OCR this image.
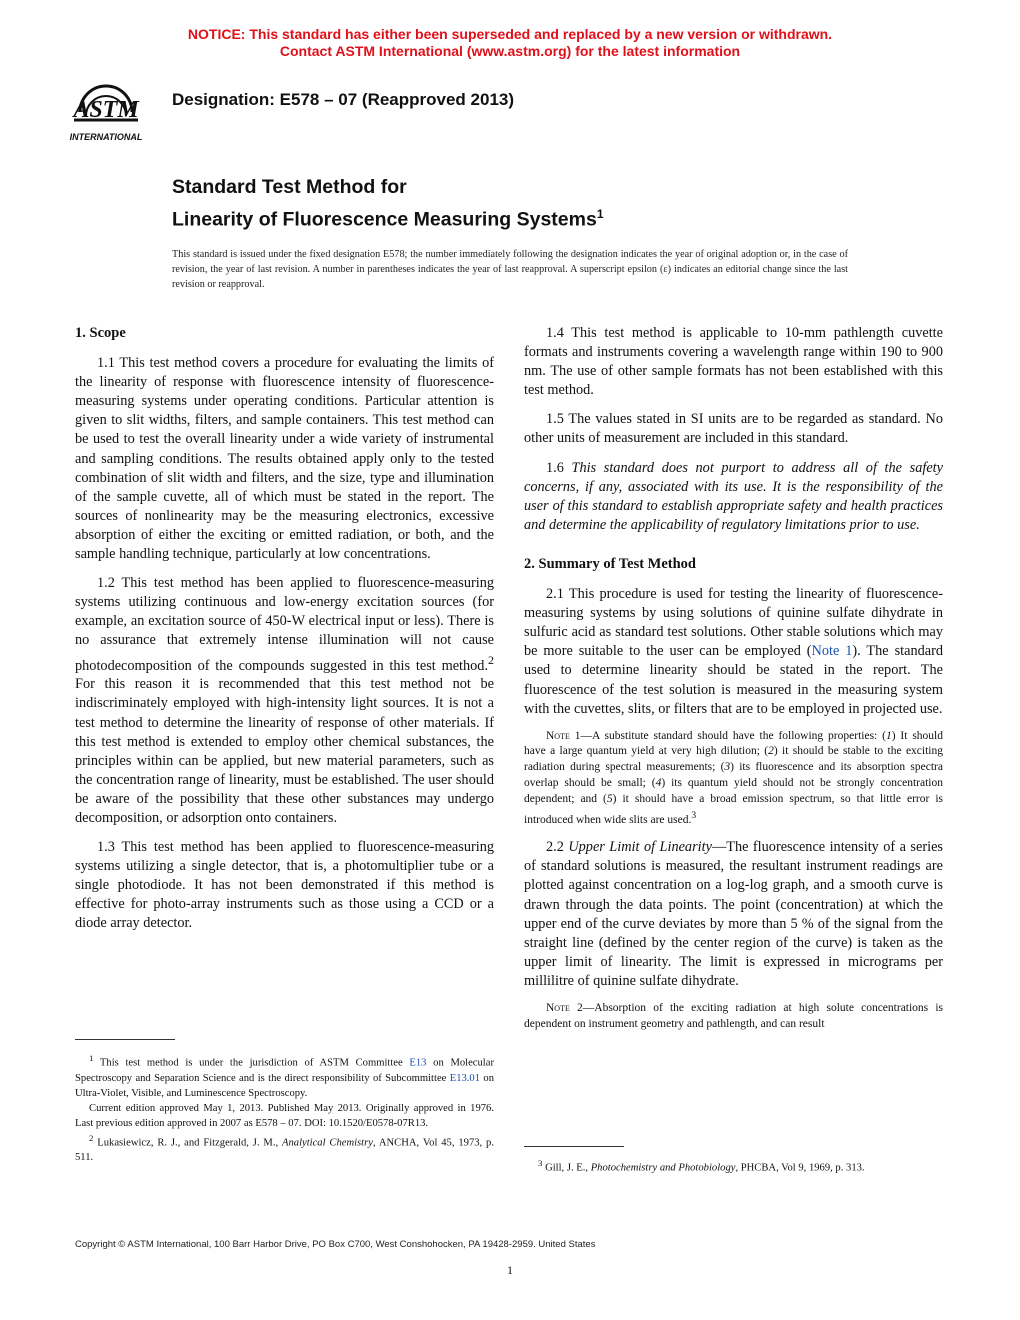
NOTICE: This standard has either been superseded and replaced by a new version or withdrawn.
Contact ASTM International (www.astm.org) for the latest information
ASTM
INTERNATIONAL
Designation: E578 – 07 (Reapproved 2013)
Standard Test Method for
Linearity of Fluorescence Measuring Systems$^1$
This standard is issued under the fixed designation E578; the number immediately following the designation indicates the year of original adoption or, in the case of revision, the year of last revision. A number in parentheses indicates the year of last reapproval. A superscript epsilon (ε) indicates an editorial change since the last revision or reapproval.
1. Scope

1.1 This test method covers a procedure for evaluating the limits of the linearity of response with fluorescence intensity of fluorescence-measuring systems under operating conditions. Particular attention is given to slit widths, filters, and sample containers. This test method can be used to test the overall linearity under a wide variety of instrumental and sampling conditions. The results obtained apply only to the tested combination of slit width and filters, and the size, type and illumination of the sample cuvette, all of which must be stated in the report. The sources of nonlinearity may be the measuring electronics, excessive absorption of either the exciting or emitted radiation, or both, and the sample handling technique, particularly at low concentrations.

1.2 This test method has been applied to fluorescence-measuring systems utilizing continuous and low-energy excitation sources (for example, an excitation source of 450-W electrical input or less). There is no assurance that extremely intense illumination will not cause photodecomposition of the compounds suggested in this test method.$^2$ For this reason it is recommended that this test method not be indiscriminately employed with high-intensity light sources. It is not a test method to determine the linearity of response of other materials. If this test method is extended to employ other chemical substances, the principles within can be applied, but new material parameters, such as the concentration range of linearity, must be established. The user should be aware of the possibility that these other substances may undergo decomposition, or adsorption onto containers.

1.3 This test method has been applied to fluorescence-measuring systems utilizing a single detector, that is, a photomultiplier tube or a single photodiode. It has not been demonstrated if this method is effective for photo-array instruments such as those using a CCD or a diode array detector.

$^1$ This test method is under the jurisdiction of ASTM Committee E13 on Molecular Spectroscopy and Separation Science and is the direct responsibility of Subcommittee E13.01 on Ultra-Violet, Visible, and Luminescence Spectroscopy.

Current edition approved May 1, 2013. Published May 2013. Originally approved in 1976. Last previous edition approved in 2007 as E578 – 07. DOI: 10.1520/E0578-07R13.

$^2$ Lukasiewicz, R. J., and Fitzgerald, J. M., Analytical Chemistry, ANCHA, Vol 45, 1973, p. 511.

1.4 This test method is applicable to 10-mm pathlength cuvette formats and instruments covering a wavelength range within 190 to 900 nm. The use of other sample formats has not been established with this test method.

1.5 The values stated in SI units are to be regarded as standard. No other units of measurement are included in this standard.

1.6 This standard does not purport to address all of the safety concerns, if any, associated with its use. It is the responsibility of the user of this standard to establish appropriate safety and health practices and determine the applicability of regulatory limitations prior to use.

2. Summary of Test Method

2.1 This procedure is used for testing the linearity of fluorescence-measuring systems by using solutions of quinine sulfate dihydrate in sulfuric acid as standard test solutions. Other stable solutions which may be more suitable to the user can be employed (Note 1). The standard used to determine linearity should be stated in the report. The fluorescence of the test solution is measured in the measuring system with the cuvettes, slits, or filters that are to be employed in projected use.

Note 1—A substitute standard should have the following properties: (1) It should have a large quantum yield at very high dilution; (2) it should be stable to the exciting radiation during spectral measurements; (3) its fluorescence and its absorption spectra overlap should be small; (4) its quantum yield should not be strongly concentration dependent; and (5) it should have a broad emission spectrum, so that little error is introduced when wide slits are used.$^3$

2.2 Upper Limit of Linearity—The fluorescence intensity of a series of standard solutions is measured, the resultant instrument readings are plotted against concentration on a log-log graph, and a smooth curve is drawn through the data points. The point (concentration) at which the upper end of the curve deviates by more than 5 % of the signal from the straight line (defined by the center region of the curve) is taken as the upper limit of linearity. The limit is expressed in micrograms per millilitre of quinine sulfate dihydrate.

Note 2—Absorption of the exciting radiation at high solute concentrations is dependent on instrument geometry and pathlength, and can result

$^3$ Gill, J. E., Photochemistry and Photobiology, PHCBA, Vol 9, 1969, p. 313.

Copyright © ASTM International, 100 Barr Harbor Drive, PO Box C700, West Conshohocken, PA 19428-2959. United States
1
